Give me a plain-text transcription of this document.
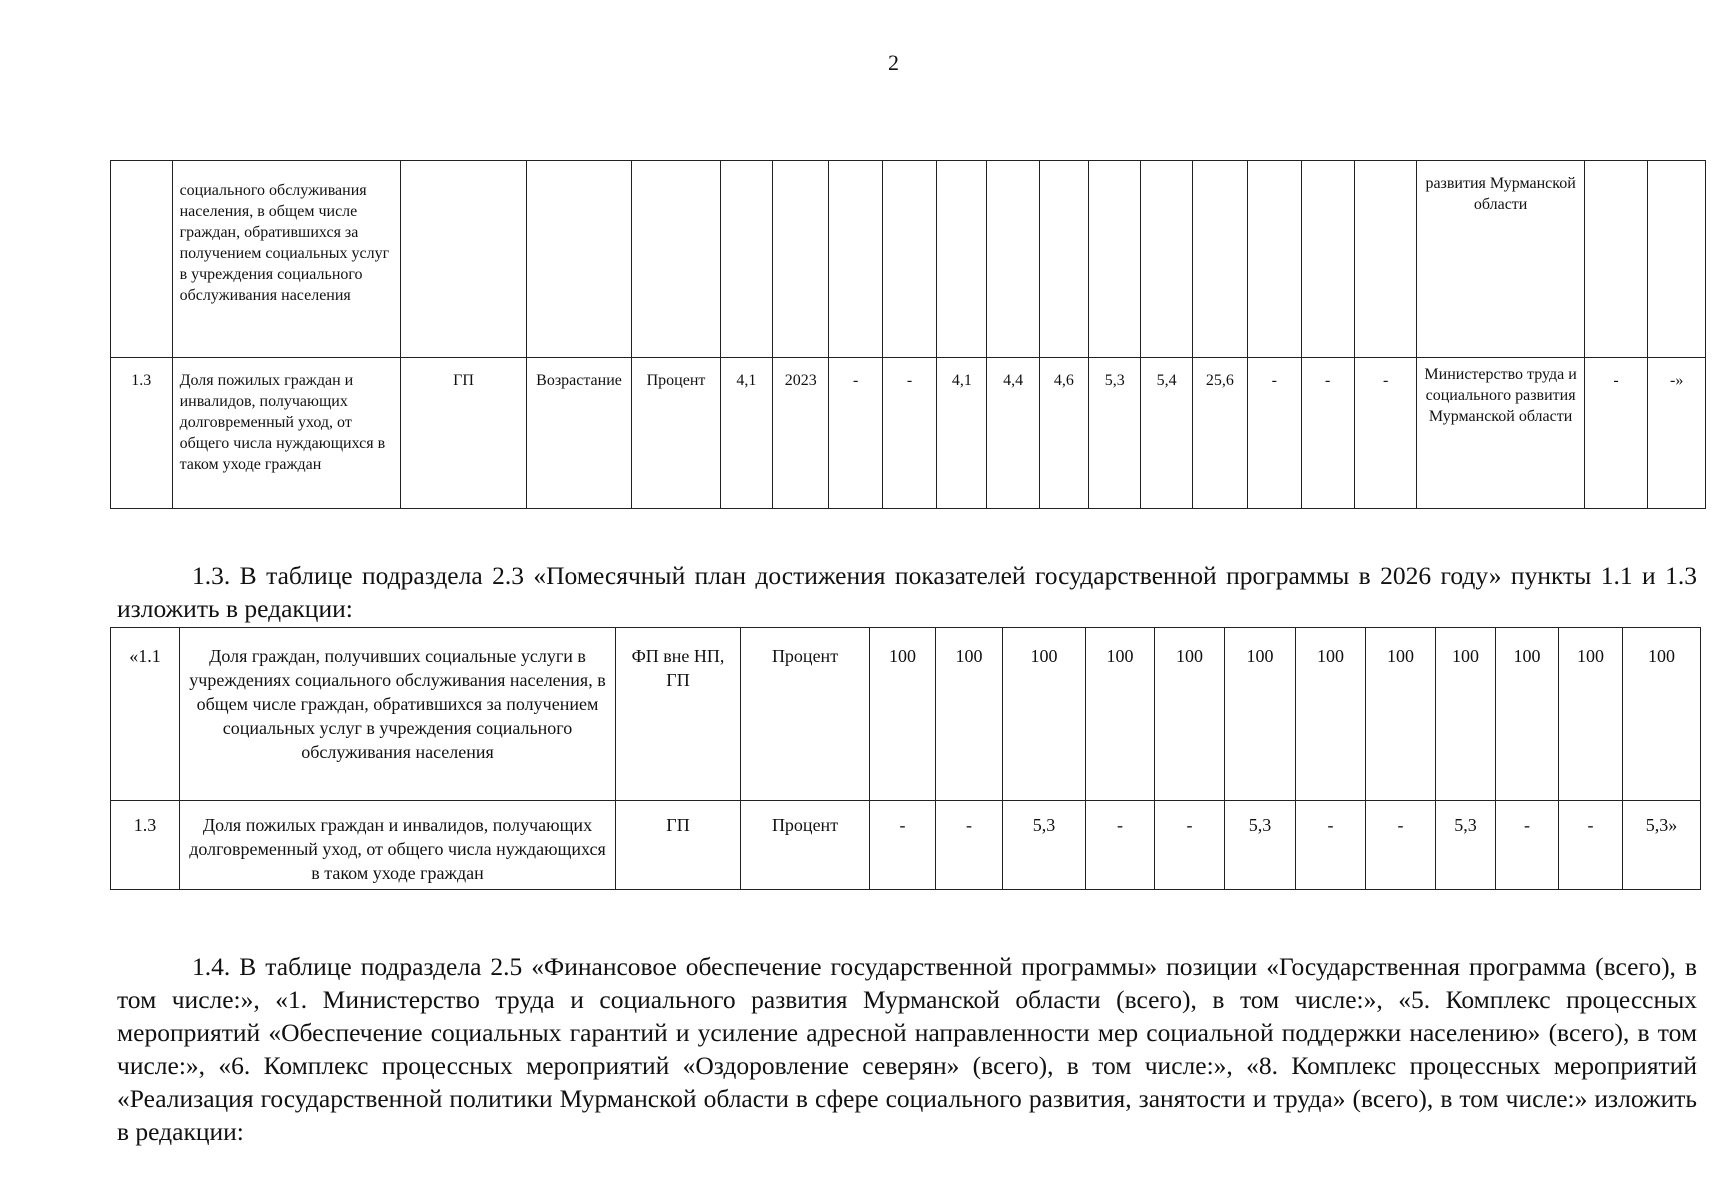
2
	социального обслуживания населения, в общем числе граждан, обратившихся за получением социальных услуг в учреждения социального обслуживания населения																	развития Мурманской области		
1.3	Доля пожилых граждан и инвалидов, получающих долговременный уход, от общего числа нуждающихся в таком уходе граждан	ГП	Возрастание	Процент	4,1	2023	-	-	4,1	4,4	4,6	5,3	5,4	25,6	-	-	-	Министерство труда и социального развития Мурманской области	-	-»

1.3. В таблице подраздела 2.3 «Помесячный план достижения показателей государственной программы в 2026 году» пункты 1.1 и 1.3 изложить в редакции:

«1.1	Доля граждан, получивших социальные услуги в учреждениях социального обслуживания населения, в общем числе граждан, обратившихся за получением социальных услуг в учреждения социального обслуживания населения	ФП вне НП, ГП	Процент	100	100	100	100	100	100	100	100	100	100	100	100
1.3	Доля пожилых граждан и инвалидов, получающих долговременный уход, от общего числа нуждающихся в таком уходе граждан	ГП	Процент	-	-	5,3	-	-	5,3	-	-	5,3	-	-	5,3»

1.4. В таблице подраздела 2.5 «Финансовое обеспечение государственной программы» позиции «Государственная программа (всего), в том числе:», «1. Министерство труда и социального развития Мурманской области (всего), в том числе:», «5. Комплекс процессных мероприятий «Обеспечение социальных гарантий и усиление адресной направленности мер социальной поддержки населению» (всего), в том числе:», «6. Комплекс процессных мероприятий «Оздоровление северян» (всего), в том числе:», «8. Комплекс процессных мероприятий «Реализация государственной политики Мурманской области в сфере социального развития, занятости и труда» (всего), в том числе:» изложить в редакции:
